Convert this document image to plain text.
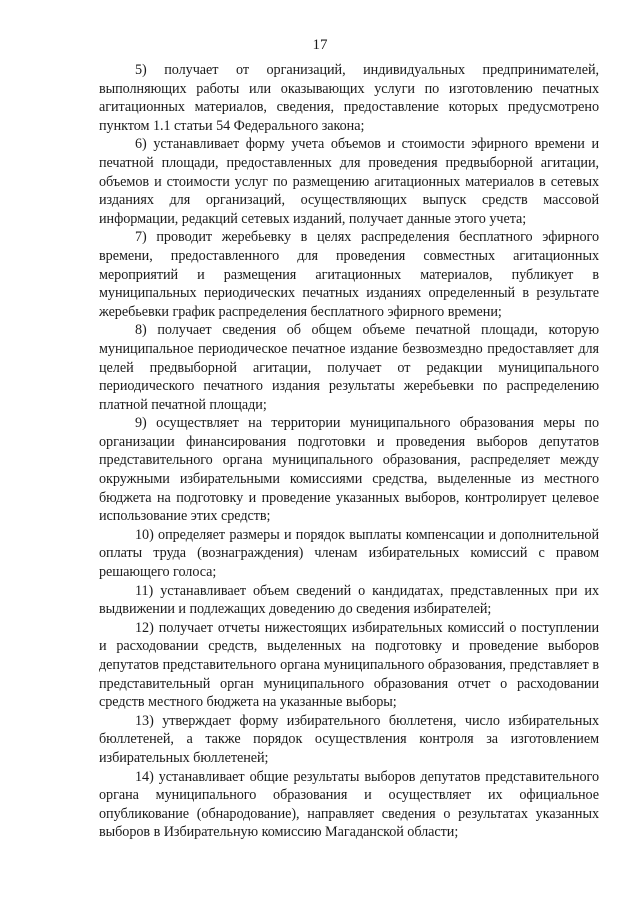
17

5) получает от организаций, индивидуальных предпринимателей, выполняющих работы или оказывающих услуги по изготовлению печатных агитационных материалов, сведения, предоставление которых предусмотрено пунктом 1.1 статьи 54 Федерального закона;

6) устанавливает форму учета объемов и стоимости эфирного времени и печатной площади, предоставленных для проведения предвыборной агитации, объемов и стоимости услуг по размещению агитационных материалов в сетевых изданиях для организаций, осуществляющих выпуск средств массовой информации, редакций сетевых изданий, получает данные этого учета;

7) проводит жеребьевку в целях распределения бесплатного эфирного времени, предоставленного для проведения совместных агитационных мероприятий и размещения агитационных материалов, публикует в муниципальных периодических печатных изданиях определенный в результате жеребьевки график распределения бесплатного эфирного времени;

8) получает сведения об общем объеме печатной площади, которую муниципальное периодическое печатное издание безвозмездно предоставляет для целей предвыборной агитации, получает от редакции муниципального периодического печатного издания результаты жеребьевки по распределению платной печатной площади;

9) осуществляет на территории муниципального образования меры по организации финансирования подготовки и проведения выборов депутатов представительного органа муниципального образования, распределяет между окружными избирательными комиссиями средства, выделенные из местного бюджета на подготовку и проведение указанных выборов, контролирует целевое использование этих средств;

10) определяет размеры и порядок выплаты компенсации и дополнительной оплаты труда (вознаграждения) членам избирательных комиссий с правом решающего голоса;

11) устанавливает объем сведений о кандидатах, представленных при их выдвижении и подлежащих доведению до сведения избирателей;

12) получает отчеты нижестоящих избирательных комиссий о поступлении и расходовании средств, выделенных на подготовку и проведение выборов депутатов представительного органа муниципального образования, представляет в представительный орган муниципального образования отчет о расходовании средств местного бюджета на указанные выборы;

13) утверждает форму избирательного бюллетеня, число избирательных бюллетеней, а также порядок осуществления контроля за изготовлением избирательных бюллетеней;

14) устанавливает общие результаты выборов депутатов представительного органа муниципального образования и осуществляет их официальное опубликование (обнародование), направляет сведения о результатах указанных выборов в Избирательную комиссию Магаданской области;
